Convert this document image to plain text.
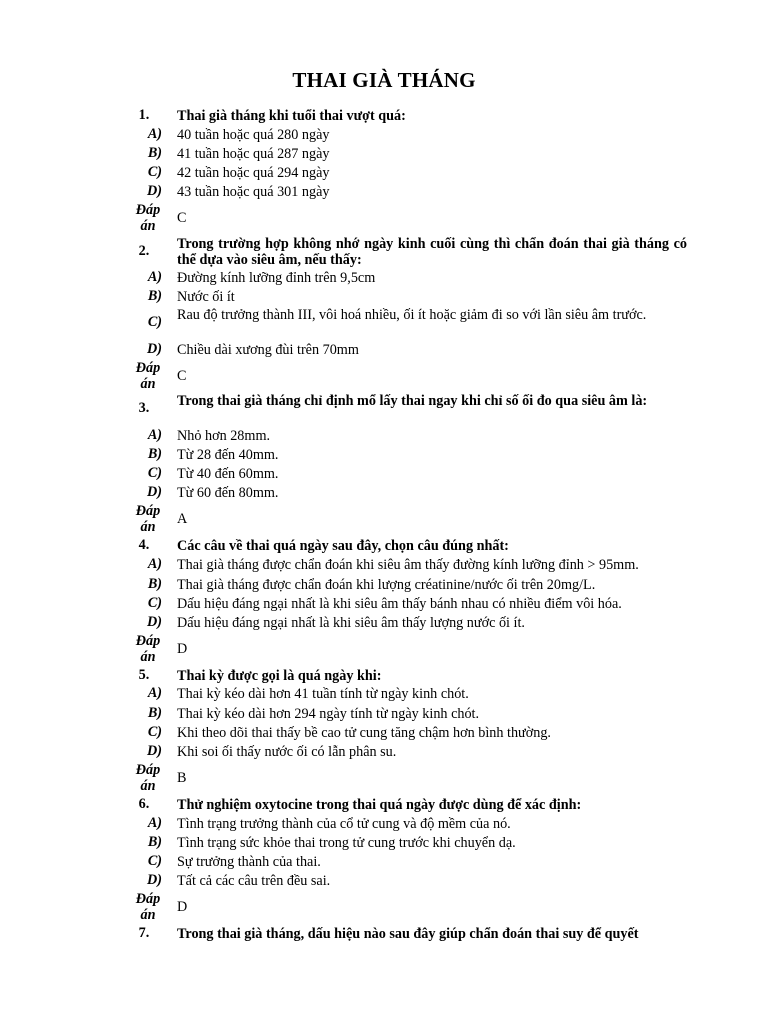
THAI GIÀ THÁNG
1.	Thai già tháng khi tuổi thai vượt quá:
A) 40 tuần hoặc quá 280 ngày
B) 41 tuần hoặc quá 287 ngày
C) 42 tuần hoặc quá 294 ngày
D) 43 tuần hoặc quá 301 ngày
Đáp
án	C
2.	Trong trường hợp không nhớ ngày kinh cuối cùng thì chẩn đoán thai già tháng có thể dựa vào siêu âm, nếu thấy:
A) Đường kính lưỡng đỉnh trên 9,5cm
B) Nước ối ít
C) Rau độ trưởng thành III, vôi hoá nhiều, ối ít hoặc giảm đi so với lần siêu âm trước.
D) Chiều dài xương đùi trên 70mm
Đáp
án	C
3.	Trong thai già tháng chỉ định mổ lấy thai ngay khi chỉ số ối đo qua siêu âm là:
A) Nhỏ hơn 28mm.
B) Từ 28 đến 40mm.
C) Từ 40 đến 60mm.
D) Từ 60 đến 80mm.
Đáp
án	A
4.	Các câu về thai quá ngày sau đây, chọn câu đúng nhất:
A) Thai già tháng được chẩn đoán khi siêu âm thấy đường kính lưỡng đỉnh > 95mm.
B) Thai già tháng được chẩn đoán khi lượng créatinine/nước ối trên 20mg/L.
C) Dấu hiệu đáng ngại nhất là khi siêu âm thấy bánh nhau có nhiều điểm vôi hóa.
D) Dấu hiệu đáng ngại nhất là khi siêu âm thấy lượng nước ối ít.
Đáp
án	D
5.	Thai kỳ được gọi là quá ngày khi:
A) Thai kỳ kéo dài hơn 41 tuần tính từ ngày kinh chót.
B) Thai kỳ kéo dài hơn 294 ngày tính từ ngày kinh chót.
C) Khi theo dõi thai thấy bề cao tử cung tăng chậm hơn bình thường.
D) Khi soi ối thấy nước ối có lẫn phân su.
Đáp
án	B
6.	Thử nghiệm oxytocine trong thai quá ngày được dùng để xác định:
A) Tình trạng trưởng thành của cổ tử cung và độ mềm của nó.
B) Tình trạng sức khỏe thai trong tử cung trước khi chuyển dạ.
C) Sự trưởng thành của thai.
D) Tất cả các câu trên đều sai.
Đáp
án	D
7.	Trong thai già tháng, dấu hiệu nào sau đây giúp chẩn đoán thai suy để quyết
